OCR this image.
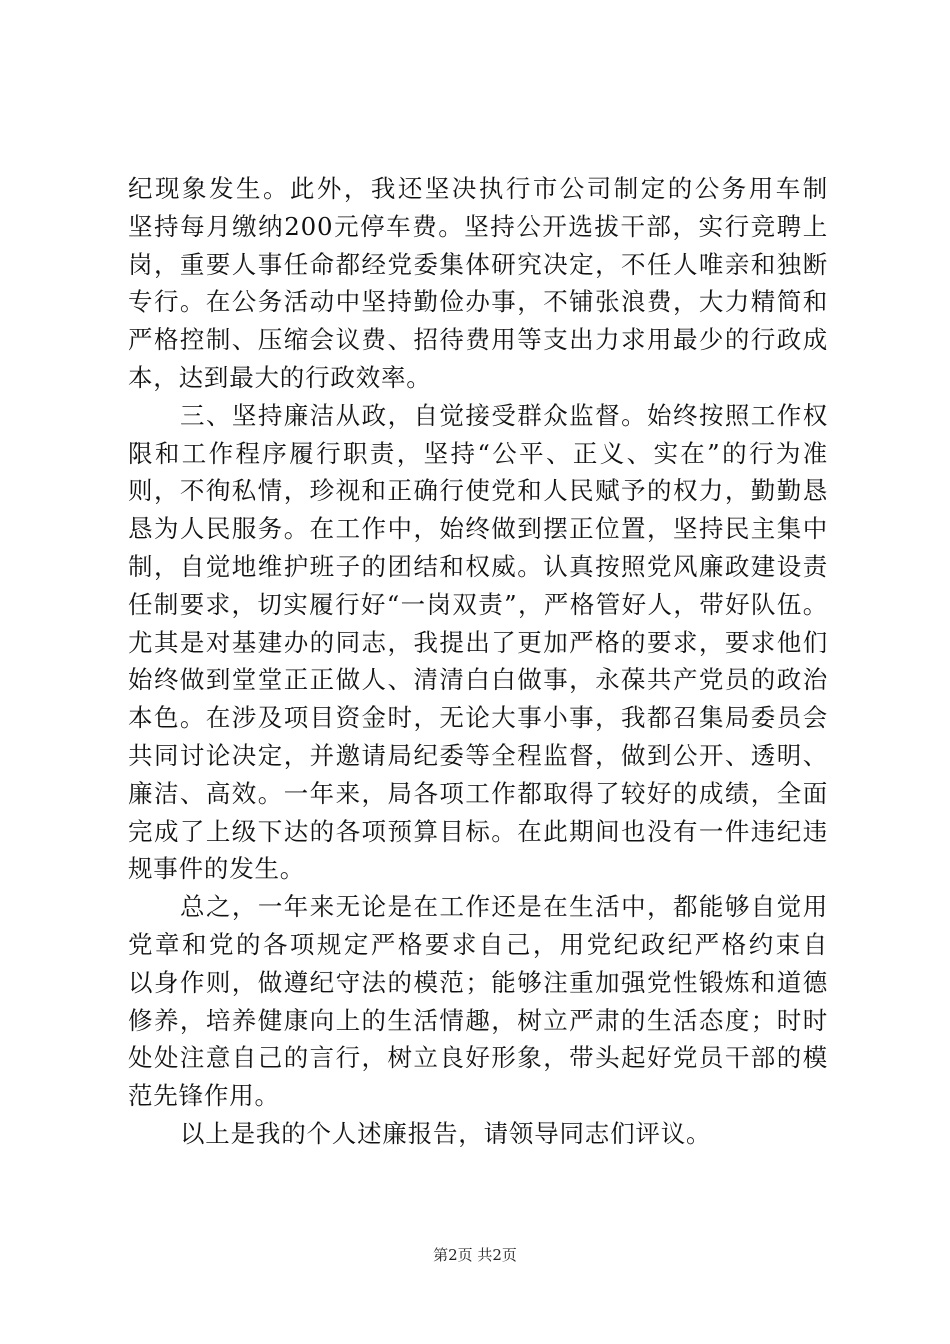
纪现象发生。此外，我还坚决执行市公司制定的公务用车制
坚持每月缴纳200元停车费。坚持公开选拔干部，实行竞聘上
岗，重要人事任命都经党委集体研究决定，不任人唯亲和独断
专行。在公务活动中坚持勤俭办事，不铺张浪费，大力精简和
严格控制、压缩会议费、招待费用等支出力求用最少的行政成
本，达到最大的行政效率。
三、坚持廉洁从政，自觉接受群众监督。始终按照工作权
限和工作程序履行职责，坚持“公平、正义、实在”的行为准
则，不徇私情，珍视和正确行使党和人民赋予的权力，勤勤恳
恳为人民服务。在工作中，始终做到摆正位置，坚持民主集中
制，自觉地维护班子的团结和权威。认真按照党风廉政建设责
任制要求，切实履行好“一岗双责”，严格管好人，带好队伍。
尤其是对基建办的同志，我提出了更加严格的要求，要求他们
始终做到堂堂正正做人、清清白白做事，永葆共产党员的政治
本色。在涉及项目资金时，无论大事小事，我都召集局委员会
共同讨论决定，并邀请局纪委等全程监督，做到公开、透明、
廉洁、高效。一年来，局各项工作都取得了较好的成绩，全面
完成了上级下达的各项预算目标。在此期间也没有一件违纪违
规事件的发生。
总之，一年来无论是在工作还是在生活中，都能够自觉用
党章和党的各项规定严格要求自己，用党纪政纪严格约束自
以身作则，做遵纪守法的模范；能够注重加强党性锻炼和道德
修养，培养健康向上的生活情趣，树立严肃的生活态度；时时
处处注意自己的言行，树立良好形象，带头起好党员干部的模
范先锋作用。
以上是我的个人述廉报告，请领导同志们评议。
第2页 共2页
